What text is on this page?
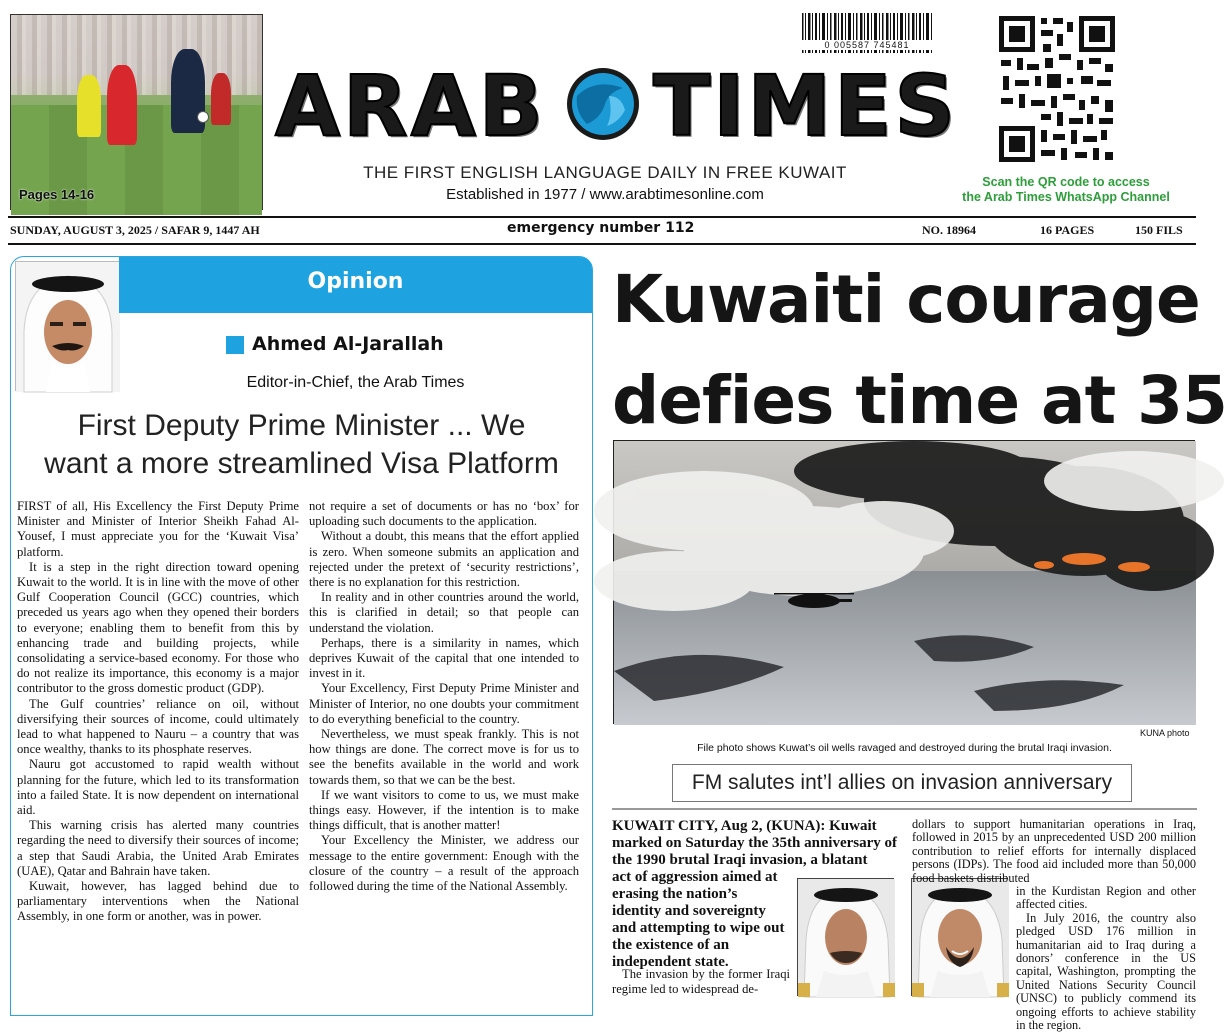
Pages 14-16
ARAB TIMES
THE FIRST ENGLISH LANGUAGE DAILY IN FREE KUWAIT
Established in 1977 / www.arabtimesonline.com
0 005587 745481
Scan the QR code to access
the Arab Times WhatsApp Channel
SUNDAY, AUGUST 3, 2025 / SAFAR 9, 1447 AH	emergency number 112	NO. 18964	16 PAGES	150 FILS
Opinion
Ahmed Al-Jarallah
Editor-in-Chief, the Arab Times
First Deputy Prime Minister ... We
want a more streamlined Visa Platform

FIRST of all, His Excellency the First Deputy Prime Minister and Minister of Interior Sheikh Fahad Al-Yousef, I must appreciate you for the ‘Kuwait Visa’ platform.

It is a step in the right direction toward opening Kuwait to the world. It is in line with the move of other Gulf Cooperation Council (GCC) countries, which preceded us years ago when they opened their borders to everyone; enabling them to benefit from this by enhancing trade and building projects, while consolidating a service-based economy. For those who do not realize its importance, this economy is a major contributor to the gross domestic product (GDP).

The Gulf countries’ reliance on oil, without diversifying their sources of income, could ultimately lead to what happened to Nauru – a country that was once wealthy, thanks to its phosphate reserves.

Nauru got accustomed to rapid wealth without planning for the future, which led to its transformation into a failed State. It is now dependent on international aid.

This warning crisis has alerted many countries regarding the need to diversify their sources of income; a step that Saudi Arabia, the United Arab Emirates (UAE), Qatar and Bahrain have taken.

Kuwait, however, has lagged behind due to parliamentary interventions when the National Assembly, in one form or another, was in power.

not require a set of documents or has no ‘box’ for uploading such documents to the application.

Without a doubt, this means that the effort applied is zero. When someone submits an application and rejected under the pretext of ‘security restrictions’, there is no explanation for this restriction.

In reality and in other countries around the world, this is clarified in detail; so that people can understand the violation.

Perhaps, there is a similarity in names, which deprives Kuwait of the capital that one intended to invest in it.

Your Excellency, First Deputy Prime Minister and Minister of Interior, no one doubts your commitment to do everything beneficial to the country.

Nevertheless, we must speak frankly. This is not how things are done. The correct move is for us to see the benefits available in the world and work towards them, so that we can be the best.

If we want visitors to come to us, we must make things easy. However, if the intention is to make things difficult, that is another matter!

Your Excellency the Minister, we address our message to the entire government: Enough with the closure of the country – a result of the approach followed during the time of the National Assembly.

Kuwaiti courage
defies time at 35
KUNA photo
File photo shows Kuwat’s oil wells ravaged and destroyed during the brutal Iraqi invasion.
FM salutes int’l allies on invasion anniversary
KUWAIT CITY, Aug 2, (KUNA): Kuwait marked on Saturday the 35th anniversary of the 1990 brutal Iraqi invasion, a blatant
act of aggression aimed at erasing the nation’s identity and sovereignty and attempting to wipe out the existence of an independent state.
The invasion by the former Iraqi regime led to widespread de-

dollars to support humanitarian operations in Iraq, followed in 2015 by an unprecedented USD 200 million contribution to relief efforts for internally displaced persons (IDPs). The food aid included more than 50,000 food baskets distributed
in the Kurdistan Region and other affected cities.

In July 2016, the country also pledged USD 176 million in humanitarian aid to Iraq during a donors’ conference in the US capital, Washington, prompting the United Nations Security Council (UNSC) to publicly commend its ongoing efforts to achieve stability in the region.
